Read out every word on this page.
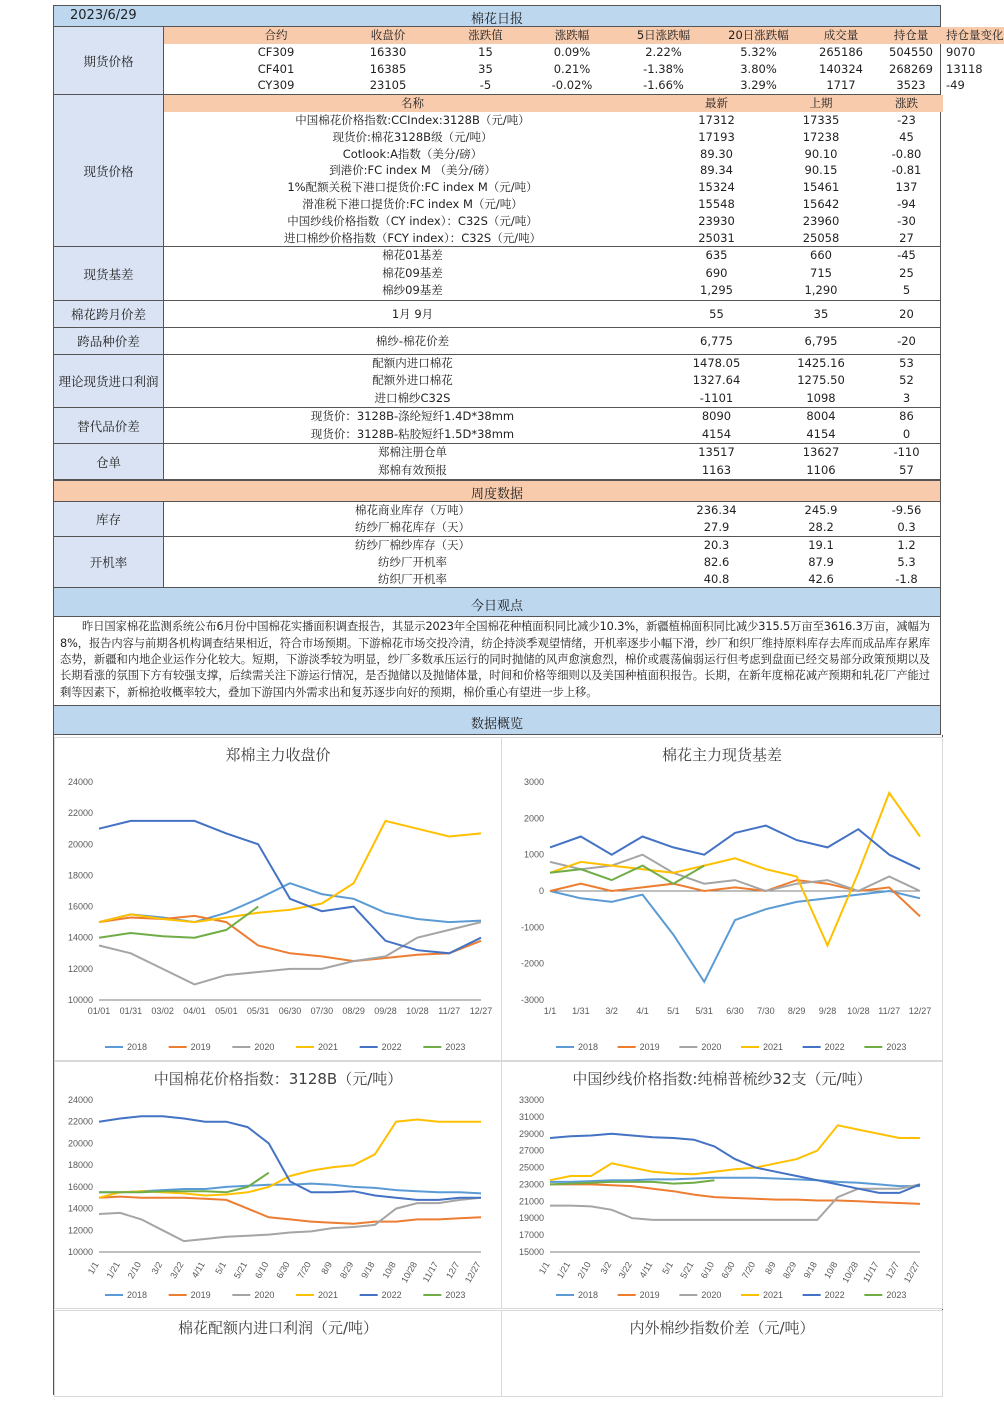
2023/6/29	棉花日报
期货价格
合约	收盘价	涨跌值	涨跌幅	5日涨跌幅	20日涨跌幅	成交量	持仓量	持仓量变化
CF309	16330	15	0.09%	2.22%	5.32%	265186	504550	9070
CF401	16385	35	0.21%	-1.38%	3.80%	140324	268269	13118
CY309	23105	-5	-0.02%	-1.66%	3.29%	1717	3523	-49
现货价格
名称	最新	上期	涨跌
中国棉花价格指数:CCIndex:3128B（元/吨）	17312	17335	-23
现货价:棉花3128B级（元/吨）	17193	17238	45
Cotlook:A指数（美分/磅）	89.30	90.10	-0.80
到港价:FC index M （美分/磅）	89.34	90.15	-0.81
1%配额关税下港口提货价:FC index M（元/吨）	15324	15461	137
滑准税下港口提货价:FC index M（元/吨）	15548	15642	-94
中国纱线价格指数（CY index）：C32S（元/吨）	23930	23960	-30
进口棉纱价格指数（FCY index）：C32S（元/吨）	25031	25058	27
现货基差
棉花01基差	635	660	-45
棉花09基差	690	715	25
棉纱09基差	1,295	1,290	5
棉花跨月价差	1月 9月	55	35	20
跨品种价差	棉纱-棉花价差	6,775	6,795	-20
理论现货进口利润
配额内进口棉花	1478.05	1425.16	53
配额外进口棉花	1327.64	1275.50	52
进口棉纱C32S	-1101	1098	3
替代品价差
现货价：3128B-涤纶短纤1.4D*38mm	8090	8004	86
现货价：3128B-粘胶短纤1.5D*38mm	4154	4154	0
仓单
郑棉注册仓单	13517	13627	-110
郑棉有效预报	1163	1106	57
周度数据
库存
棉花商业库存（万吨）	236.34	245.9	-9.56
纺纱厂棉花库存（天）	27.9	28.2	0.3
开机率
纺纱厂棉纱库存（天）	20.3	19.1	1.2
纺纱厂开机率	82.6	87.9	5.3
纺织厂开机率	40.8	42.6	-1.8
今日观点
昨日国家棉花监测系统公布6月份中国棉花实播面积调查报告，其显示2023年全国棉花种植面积同比减少10.3%，新疆植棉面积同比减少315.5万亩至3616.3万亩，减幅为8%，报告内容与前期各机构调查结果相近，符合市场预期。下游棉花市场交投冷清，纺企持淡季观望情绪，开机率逐步小幅下滑，纱厂和织厂维持原料库存去库而成品库存累库态势，新疆和内地企业运作分化较大。短期，下游淡季较为明显，纱厂多数承压运行的同时抛储的风声愈演愈烈，棉价或震荡偏弱运行但考虑到盘面已经交易部分政策预期以及长期看涨的氛围下方有较强支撑，后续需关注下游运行情况，是否抛储以及抛储体量，时间和价格等细则以及美国种植面积报告。长期，在新年度棉花减产预期和轧花厂产能过剩等因素下，新棉抢收概率较大，叠加下游国内外需求出和复苏逐步向好的预期，棉价重心有望进一步上移。
数据概览
郑棉主力收盘价
10000
12000
14000
16000
18000
20000
22000
24000
01/01 01/31 03/02 04/01 05/01 05/31 06/30 07/30 08/29 09/28 10/28 11/27 12/27
2018	2019	2020	2021	2022	2023
棉花主力现货基差
-3000
-2000
-1000
0
1000
2000
3000
1/1 1/31 3/2 4/1 5/1 5/31 6/30 7/30 8/29 9/28 10/28 11/27 12/27
2018	2019	2020	2021	2022	2023
中国棉花价格指数：3128B（元/吨）
10000
12000
14000
16000
18000
20000
22000
24000
1/1 1/21 2/10 3/2 3/22 4/11 5/1 5/21 6/10 6/30 7/20 8/9 8/29 9/18 10/8 10/28 11/17 12/7 12/27
2018	2019	2020	2021	2022	2023
中国纱线价格指数:纯棉普梳纱32支（元/吨）
15000
17000
19000
21000
23000
25000
27000
29000
31000
33000
1/1 1/21 2/10 3/2 3/22 4/11 5/1 5/21 6/10 6/30 7/20 8/9 8/29 9/18 10/8 10/28 11/17 12/7 12/27
2018	2019	2020	2021	2022	2023
棉花配额内进口利润（元/吨）	内外棉纱指数价差（元/吨）
